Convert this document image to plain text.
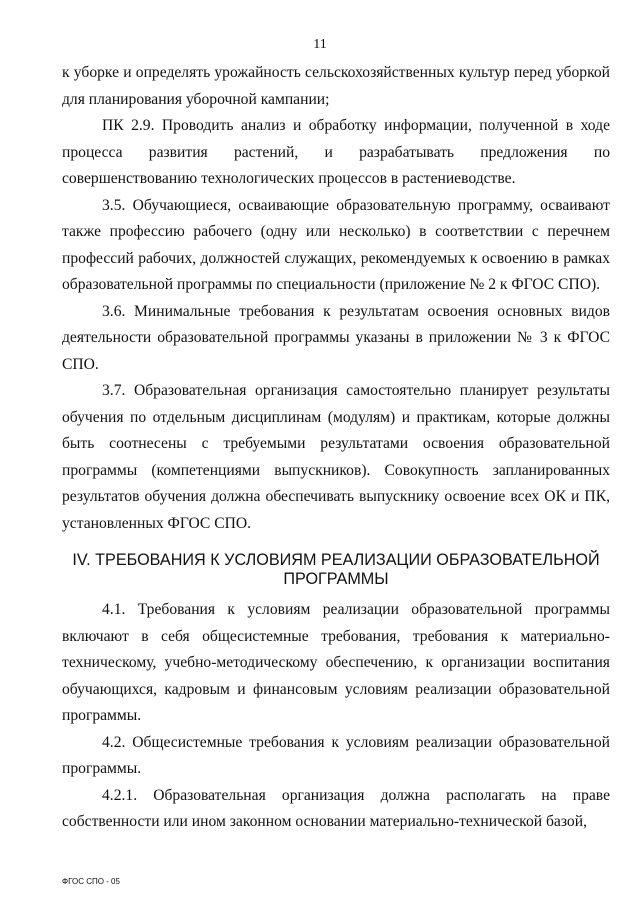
11

к уборке и определять урожайность сельскохозяйственных культур перед уборкой для планирования уборочной кампании;

ПК 2.9. Проводить анализ и обработку информации, полученной в ходе процесса развития растений, и разрабатывать предложения по совершенствованию технологических процессов в растениеводстве.

3.5. Обучающиеся, осваивающие образовательную программу, осваивают также профессию рабочего (одну или несколько) в соответствии с перечнем профессий рабочих, должностей служащих, рекомендуемых к освоению в рамках образовательной программы по специальности (приложение № 2 к ФГОС СПО).

3.6. Минимальные требования к результатам освоения основных видов деятельности образовательной программы указаны в приложении № 3 к ФГОС СПО.

3.7. Образовательная организация самостоятельно планирует результаты обучения по отдельным дисциплинам (модулям) и практикам, которые должны быть соотнесены с требуемыми результатами освоения образовательной программы (компетенциями выпускников). Совокупность запланированных результатов обучения должна обеспечивать выпускнику освоение всех ОК и ПК, установленных ФГОС СПО.

IV. ТРЕБОВАНИЯ К УСЛОВИЯМ РЕАЛИЗАЦИИ ОБРАЗОВАТЕЛЬНОЙ ПРОГРАММЫ

4.1. Требования к условиям реализации образовательной программы включают в себя общесистемные требования, требования к материально-техническому, учебно-методическому обеспечению, к организации воспитания обучающихся, кадровым и финансовым условиям реализации образовательной программы.

4.2. Общесистемные требования к условиям реализации образовательной программы.

4.2.1. Образовательная организация должна располагать на праве собственности или ином законном основании материально-технической базой,

ФГОС СПО - 05
